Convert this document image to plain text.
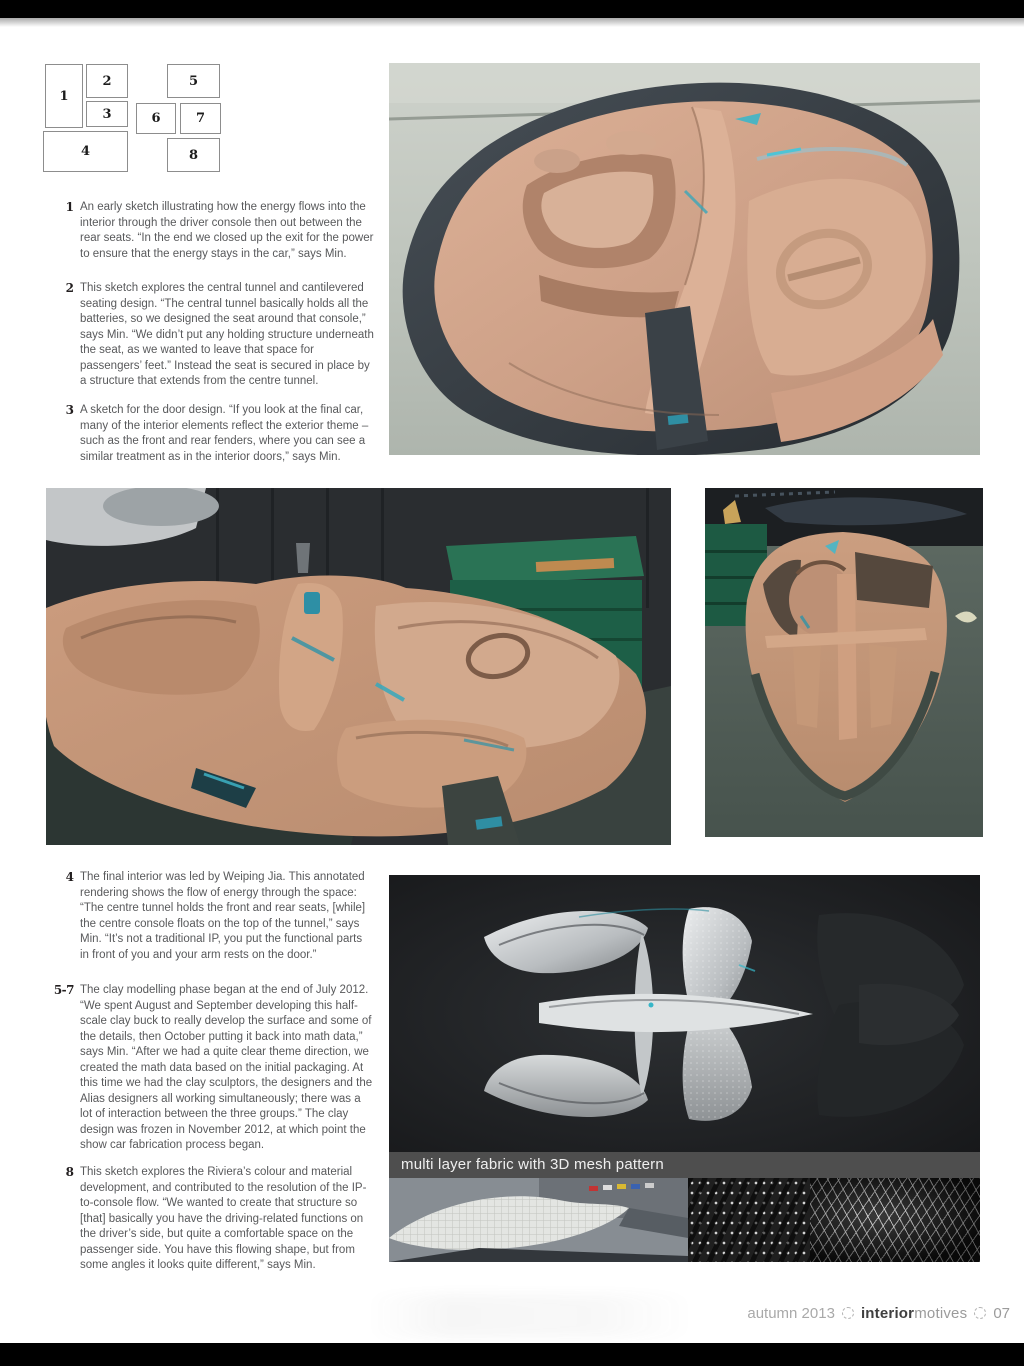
1
2
3
4
5
6	7
8
1 An early sketch illustrating how the energy flows into the interior through the driver console then out between the rear seats. “In the end we closed up the exit for the power to ensure that the energy stays in the car,” says Min.
2 This sketch explores the central tunnel and cantilevered seating design. “The central tunnel basically holds all the batteries, so we designed the seat around that console,” says Min. “We didn’t put any holding structure underneath the seat, as we wanted to leave that space for passengers’ feet.” Instead the seat is secured in place by a structure that extends from the centre tunnel.
3 A sketch for the door design. “If you look at the final car, many of the interior elements reflect the exterior theme – such as the front and rear fenders, where you can see a similar treatment as in the interior doors,” says Min.
4 The final interior was led by Weiping Jia. This annotated rendering shows the flow of energy through the space: “The centre tunnel holds the front and rear seats, [while] the centre console floats on the top of the tunnel,” says Min. “It’s not a traditional IP, you put the functional parts in front of you and your arm rests on the door.”
5-7 The clay modelling phase began at the end of July 2012. “We spent August and September developing this half-scale clay buck to really develop the surface and some of the details, then October putting it back into math data,” says Min. “After we had a quite clear theme direction, we created the math data based on the initial packaging. At this time we had the clay sculptors, the designers and the Alias designers all working simultaneously; there was a lot of interaction between the three groups.” The clay design was frozen in November 2012, at which point the show car fabrication process began.
8 This sketch explores the Riviera’s colour and material development, and contributed to the resolution of the IP-to-console flow. “We wanted to create that structure so [that] basically you have the driving-related functions on the driver’s side, but quite a comfortable space on the passenger side. You have this flowing shape, but from some angles it looks quite different,” says Min.
multi layer fabric with 3D mesh pattern
autumn 2013 interiormotives 07
